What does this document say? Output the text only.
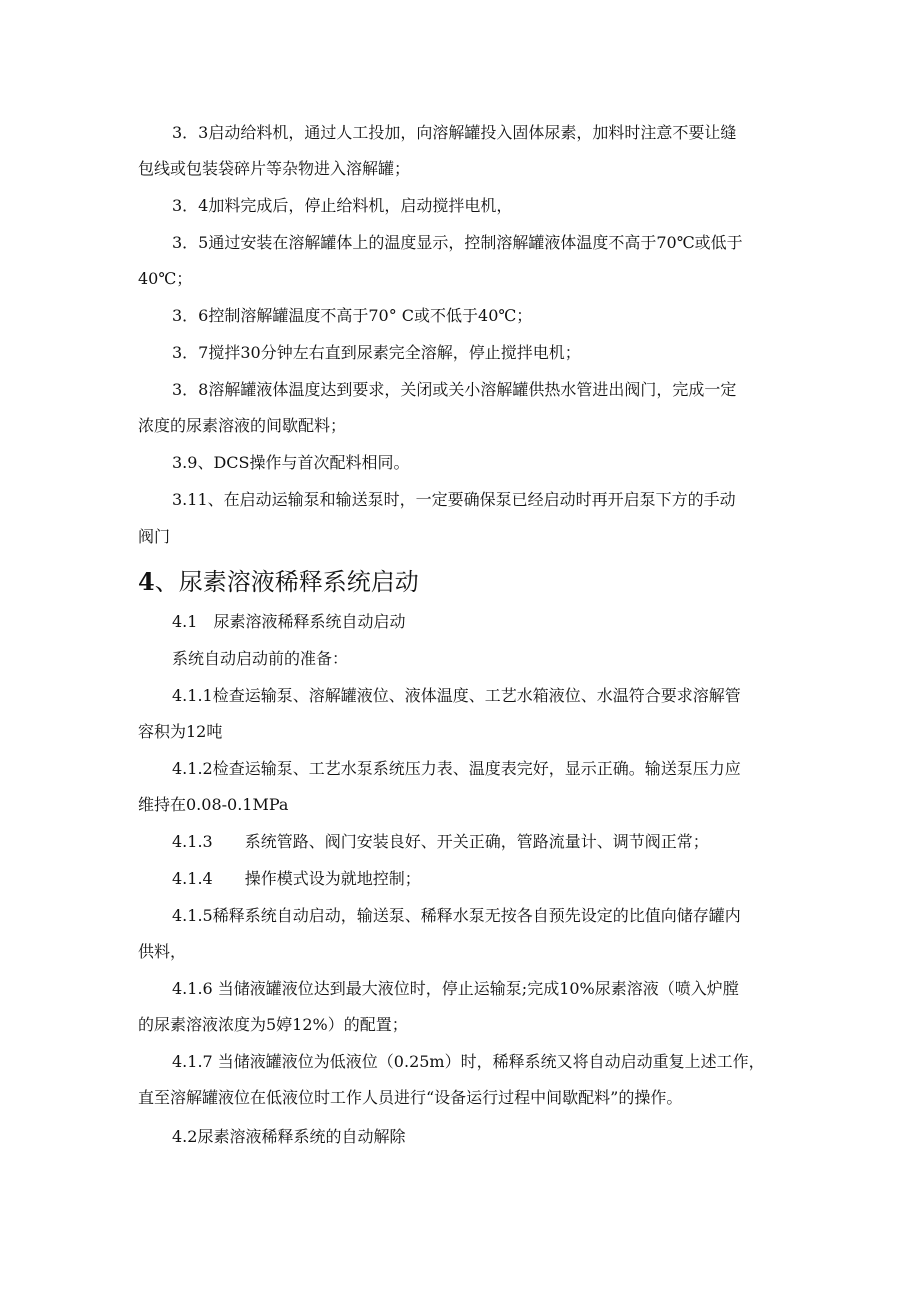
3．3启动给料机，通过人工投加，向溶解罐投入固体尿素，加料时注意不要让缝
包线或包装袋碎片等杂物进入溶解罐；
3．4加料完成后，停止给料机，启动搅拌电机，
3．5通过安装在溶解罐体上的温度显示，控制溶解罐液体温度不高于70℃或低于
40℃；
3．6控制溶解罐温度不高于70° C或不低于40℃；
3．7搅拌30分钟左右直到尿素完全溶解，停止搅拌电机；
3．8溶解罐液体温度达到要求，关闭或关小溶解罐供热水管进出阀门，完成一定
浓度的尿素溶液的间歇配料；
3.9、DCS操作与首次配料相同。
3.11、在启动运输泵和输送泵时，一定要确保泵已经启动时再开启泵下方的手动
阀门
4、尿素溶液稀释系统启动
4.1　尿素溶液稀释系统自动启动
系统自动启动前的准备：
4.1.1检查运输泵、溶解罐液位、液体温度、工艺水箱液位、水温符合要求溶解管
容积为12吨
4.1.2检查运输泵、工艺水泵系统压力表、温度表完好，显示正确。输送泵压力应
维持在0.08-0.1MPa
4.1.3　　系统管路、阀门安装良好、开关正确，管路流量计、调节阀正常；
4.1.4　　操作模式设为就地控制；
4.1.5稀释系统自动启动，输送泵、稀释水泵无按各自预先设定的比值向储存罐内
供料，
4.1.6 当储液罐液位达到最大液位时，停止运输泵;完成10%尿素溶液（喷入炉膛
的尿素溶液浓度为5婷12%）的配置；
4.1.7 当储液罐液位为低液位（0.25m）时，稀释系统又将自动启动重复上述工作，
直至溶解罐液位在低液位时工作人员进行“设备运行过程中间歇配料”的操作。
4.2尿素溶液稀释系统的自动解除
